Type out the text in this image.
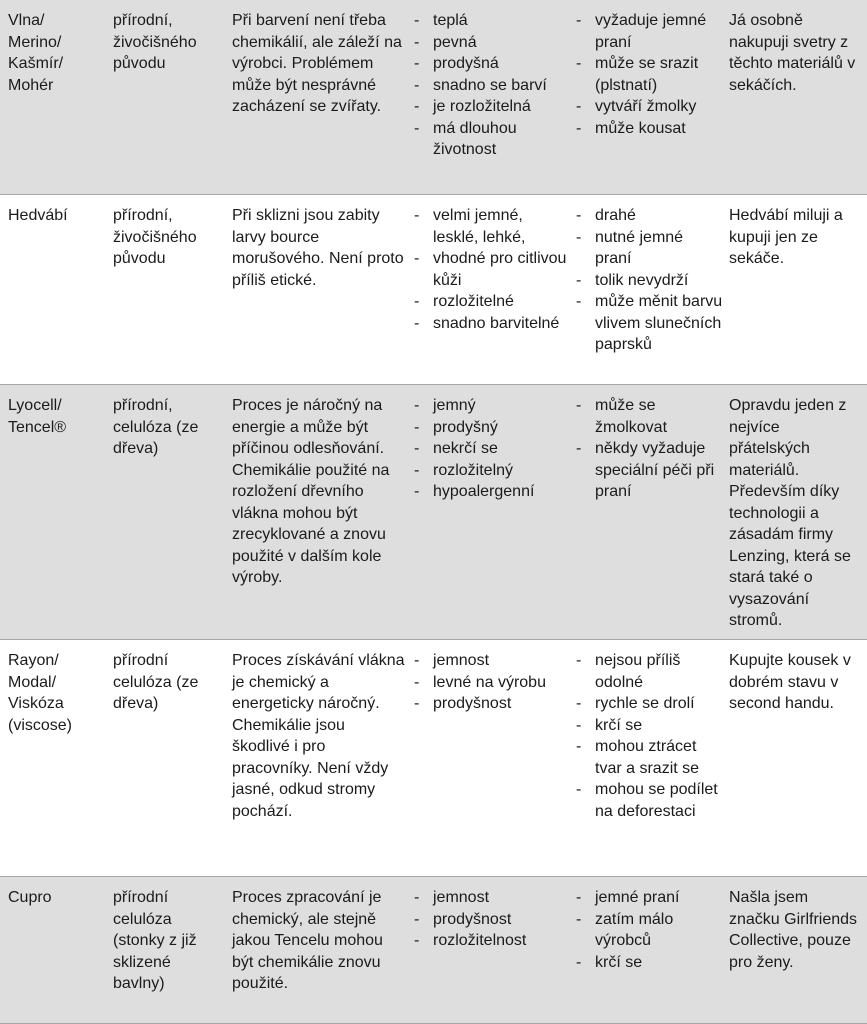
Vlna/
Merino/
Kašmír/
Mohér
přírodní,
živočišného
původu
Při barvení není třeba chemikálií, ale záleží na výrobci. Problémem může být nesprávné zacházení se zvířaty.
- teplá
- pevná
- prodyšná
- snadno se barví
- je rozložitelná
- má dlouhou životnost
- vyžaduje jemné praní
- může se srazit (plstnatí)
- vytváří žmolky
- může kousat
Já osobně nakupuji svetry z těchto materiálů v sekáčích.
Hedvábí	přírodní,
živočišného
původu
Při sklizni jsou zabity larvy bource morušového. Není proto příliš etické.
- velmi jemné, lesklé, lehké,
- vhodné pro citlivou kůži
- rozložitelné
- snadno barvitelné
- drahé
- nutné jemné praní
- tolik nevydrží
- může měnit barvu vlivem slunečních paprsků
Hedvábí miluji a kupuji jen ze sekáče.
Lyocell/
Tencel®
přírodní,
celulóza (ze
dřeva)
Proces je náročný na energie a může být příčinou odlesňování. Chemikálie použité na rozložení dřevního vlákna mohou být zrecyklované a znovu použité v dalším kole výroby.
- jemný
- prodyšný
- nekrčí se
- rozložitelný
- hypoalergenní
- může se žmolkovat
- někdy vyžaduje speciální péči při praní
Opravdu jeden z nejvíce přátelských materiálů. Především díky technologii a zásadám firmy Lenzing, která se stará také o vysazování stromů.
Rayon/
Modal/
Viskóza
(viscose)
přírodní
celulóza (ze
dřeva)
Proces získávání vlákna je chemický a energeticky náročný. Chemikálie jsou škodlivé i pro pracovníky. Není vždy jasné, odkud stromy pochází.
- jemnost
- levné na výrobu
- prodyšnost
- nejsou příliš odolné
- rychle se drolí
- krčí se
- mohou ztrácet tvar a srazit se
- mohou se podílet na deforestaci
Kupujte kousek v dobrém stavu v second handu.
Cupro	přírodní
celulóza
(stonky z již
sklizené
bavlny)
Proces zpracování je chemický, ale stejně jakou Tencelu mohou být chemikálie znovu použité.
- jemnost
- prodyšnost
- rozložitelnost
- jemné praní
- zatím málo výrobců
- krčí se
Našla jsem značku Girlfriends Collective, pouze pro ženy.
